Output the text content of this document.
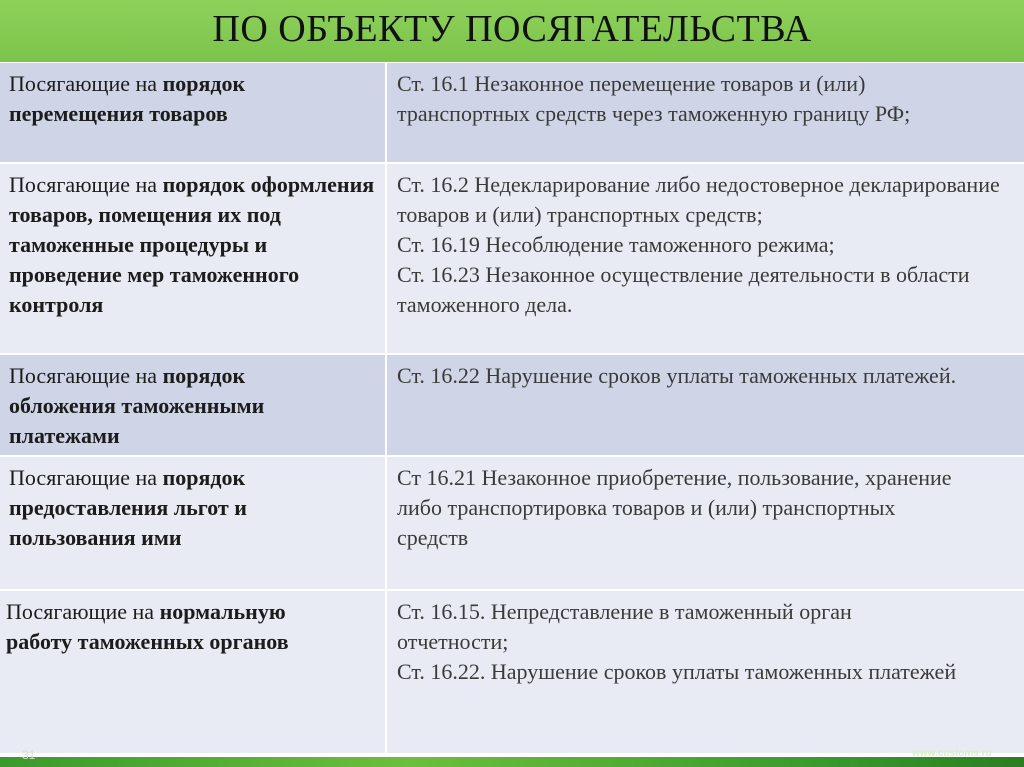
ПО ОБЪЕКТУ ПОСЯГАТЕЛЬСТВА
Посягающие на порядок перемещения товаров
Ст. 16.1 Незаконное перемещение товаров и (или) транспортных средств через таможенную границу РФ;
Посягающие на порядок оформления товаров, помещения их под таможенные процедуры и проведение мер таможенного контроля
Ст. 16.2 Недекларирование либо недостоверное декларирование товаров и (или) транспортных средств;
Ст. 16.19 Несоблюдение таможенного режима;
Ст. 16.23 Незаконное осуществление деятельности в области таможенного дела.
Посягающие на порядок обложения таможенными платежами
Ст. 16.22 Нарушение сроков уплаты таможенных платежей.
Посягающие на порядок предоставления льгот и пользования ими
Ст 16.21 Незаконное приобретение, пользование, хранение либо транспортировка товаров и (или) транспортных средств
Посягающие на нормальную работу таможенных органов
Ст. 16.15. Непредставление в таможенный орган отчетности;
Ст. 16.22. Нарушение сроков уплаты таможенных платежей
31	www.customs.ru
